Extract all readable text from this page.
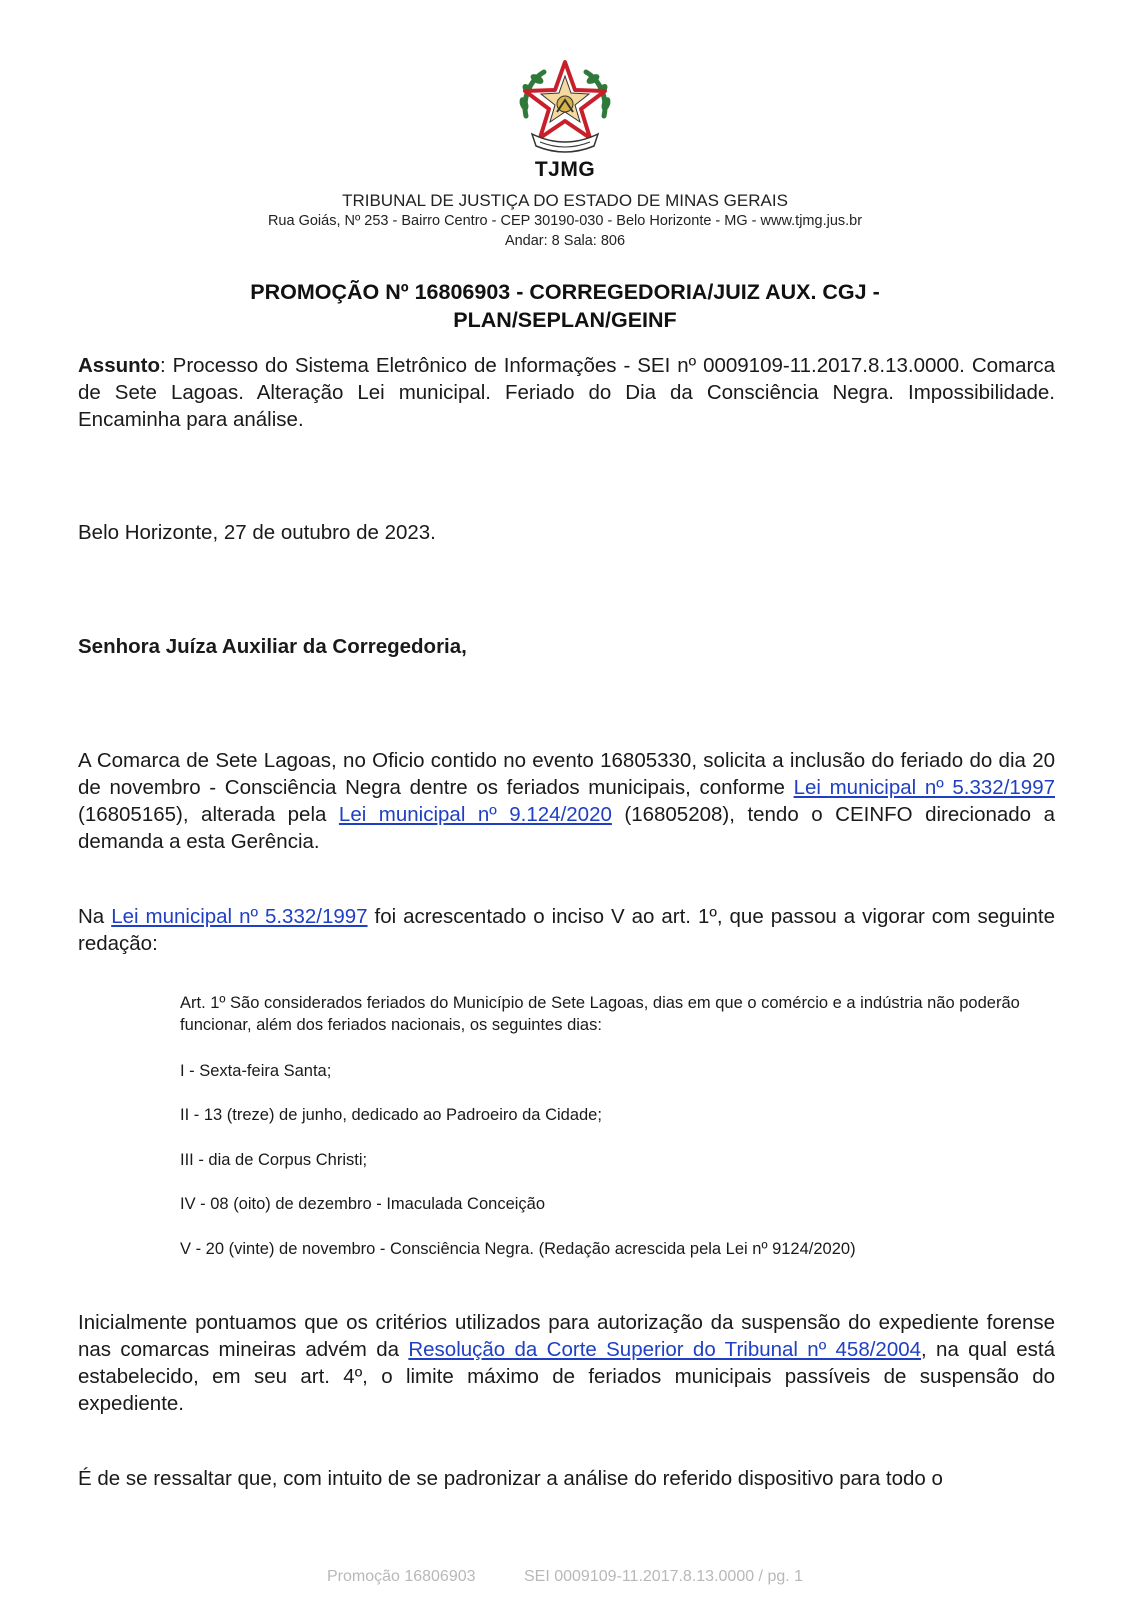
TJMG
TRIBUNAL DE JUSTIÇA DO ESTADO DE MINAS GERAIS
Rua Goiás, Nº 253 - Bairro Centro - CEP 30190-030 - Belo Horizonte - MG - www.tjmg.jus.br
Andar: 8 Sala: 806
PROMOÇÃO Nº 16806903 - CORREGEDORIA/JUIZ AUX. CGJ -
PLAN/SEPLAN/GEINF
Assunto: Processo do Sistema Eletrônico de Informações - SEI nº 0009109-11.2017.8.13.0000. Comarca de Sete Lagoas. Alteração Lei municipal. Feriado do Dia da Consciência Negra. Impossibilidade. Encaminha para análise.
Belo Horizonte, 27 de outubro de 2023.
Senhora Juíza Auxiliar da Corregedoria,
A Comarca de Sete Lagoas, no Oficio contido no evento 16805330, solicita a inclusão do feriado do dia 20 de novembro - Consciência Negra dentre os feriados municipais, conforme Lei municipal nº 5.332/1997 (16805165), alterada pela Lei municipal nº 9.124/2020 (16805208), tendo o CEINFO direcionado a demanda a esta Gerência.
Na Lei municipal nº 5.332/1997 foi acrescentado o inciso V ao art. 1º, que passou a vigorar com seguinte redação:
Art. 1º São considerados feriados do Município de Sete Lagoas, dias em que o comércio e a indústria não poderão funcionar, além dos feriados nacionais, os seguintes dias:
I - Sexta-feira Santa;
II - 13 (treze) de junho, dedicado ao Padroeiro da Cidade;
III - dia de Corpus Christi;
IV - 08 (oito) de dezembro - Imaculada Conceição
V - 20 (vinte) de novembro - Consciência Negra. (Redação acrescida pela Lei nº 9124/2020)
Inicialmente pontuamos que os critérios utilizados para autorização da suspensão do expediente forense nas comarcas mineiras advém da Resolução da Corte Superior do Tribunal nº 458/2004, na qual está estabelecido, em seu art. 4º, o limite máximo de feriados municipais passíveis de suspensão do expediente.
É de se ressaltar que, com intuito de se padronizar a análise do referido dispositivo para todo o
Promoção 16806903	SEI 0009109-11.2017.8.13.0000 / pg. 1
